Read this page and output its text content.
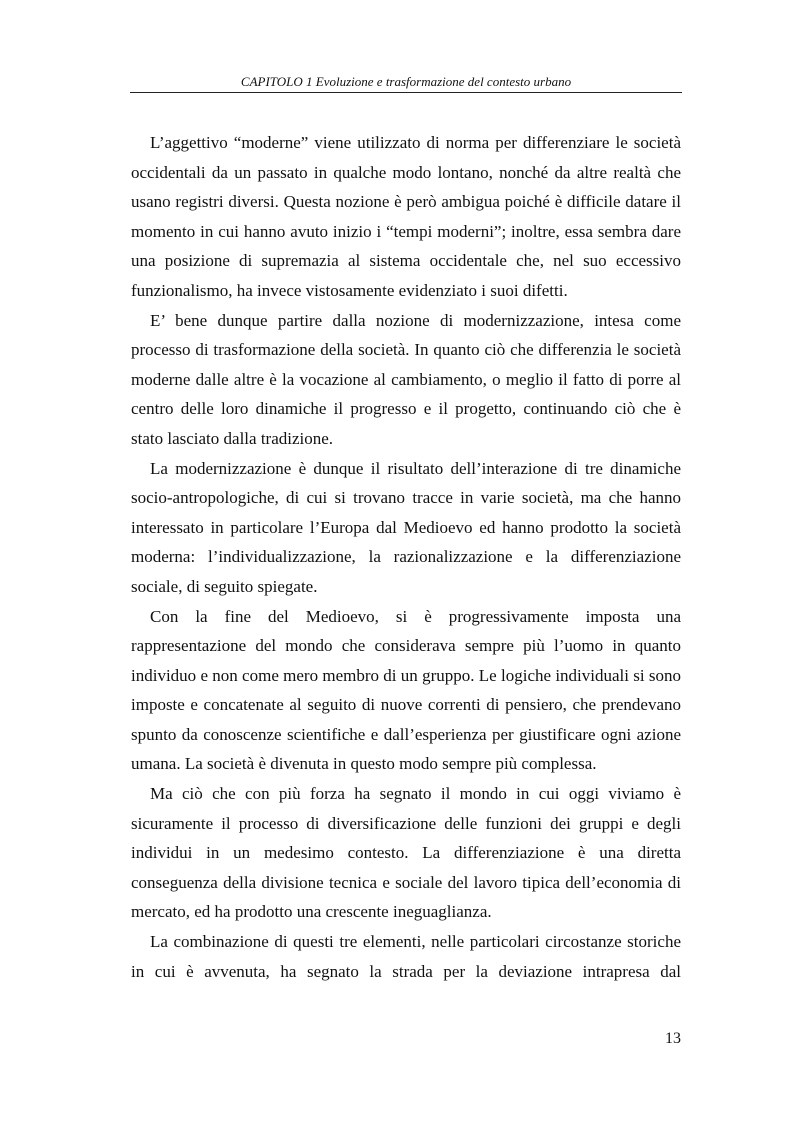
CAPITOLO 1 Evoluzione e trasformazione del contesto urbano

L’aggettivo “moderne” viene utilizzato di norma per differenziare le società occidentali da un passato in qualche modo lontano, nonché da altre realtà che usano registri diversi. Questa nozione è però ambigua poiché è difficile datare il momento in cui hanno avuto inizio i “tempi moderni”; inoltre, essa sembra dare una posizione di supremazia al sistema occidentale che, nel suo eccessivo funzionalismo, ha invece vistosamente evidenziato i suoi difetti.

E’ bene dunque partire dalla nozione di modernizzazione, intesa come processo di trasformazione della società. In quanto ciò che differenzia le società moderne dalle altre è la vocazione al cambiamento, o meglio il fatto di porre al centro delle loro dinamiche il progresso e il progetto, continuando ciò che è stato lasciato dalla tradizione.

La modernizzazione è dunque il risultato dell’interazione di tre dinamiche socio-antropologiche, di cui si trovano tracce in varie società, ma che hanno interessato in particolare l’Europa dal Medioevo ed hanno prodotto la società moderna: l’individualizzazione, la razionalizzazione e la differenziazione sociale, di seguito spiegate.

Con la fine del Medioevo, si è progressivamente imposta una rappresentazione del mondo che considerava sempre più l’uomo in quanto individuo e non come mero membro di un gruppo. Le logiche individuali si sono imposte e concatenate al seguito di nuove correnti di pensiero, che prendevano spunto da conoscenze scientifiche e dall’esperienza per giustificare ogni azione umana. La società è divenuta in questo modo sempre più complessa.

Ma ciò che con più forza ha segnato il mondo in cui oggi viviamo è sicuramente il processo di diversificazione delle funzioni dei gruppi e degli individui in un medesimo contesto. La differenziazione è una diretta conseguenza della divisione tecnica e sociale del lavoro tipica dell’economia di mercato, ed ha prodotto una crescente ineguaglianza.

La combinazione di questi tre elementi, nelle particolari circostanze storiche in cui è avvenuta, ha segnato la strada per la deviazione intrapresa dal

13
